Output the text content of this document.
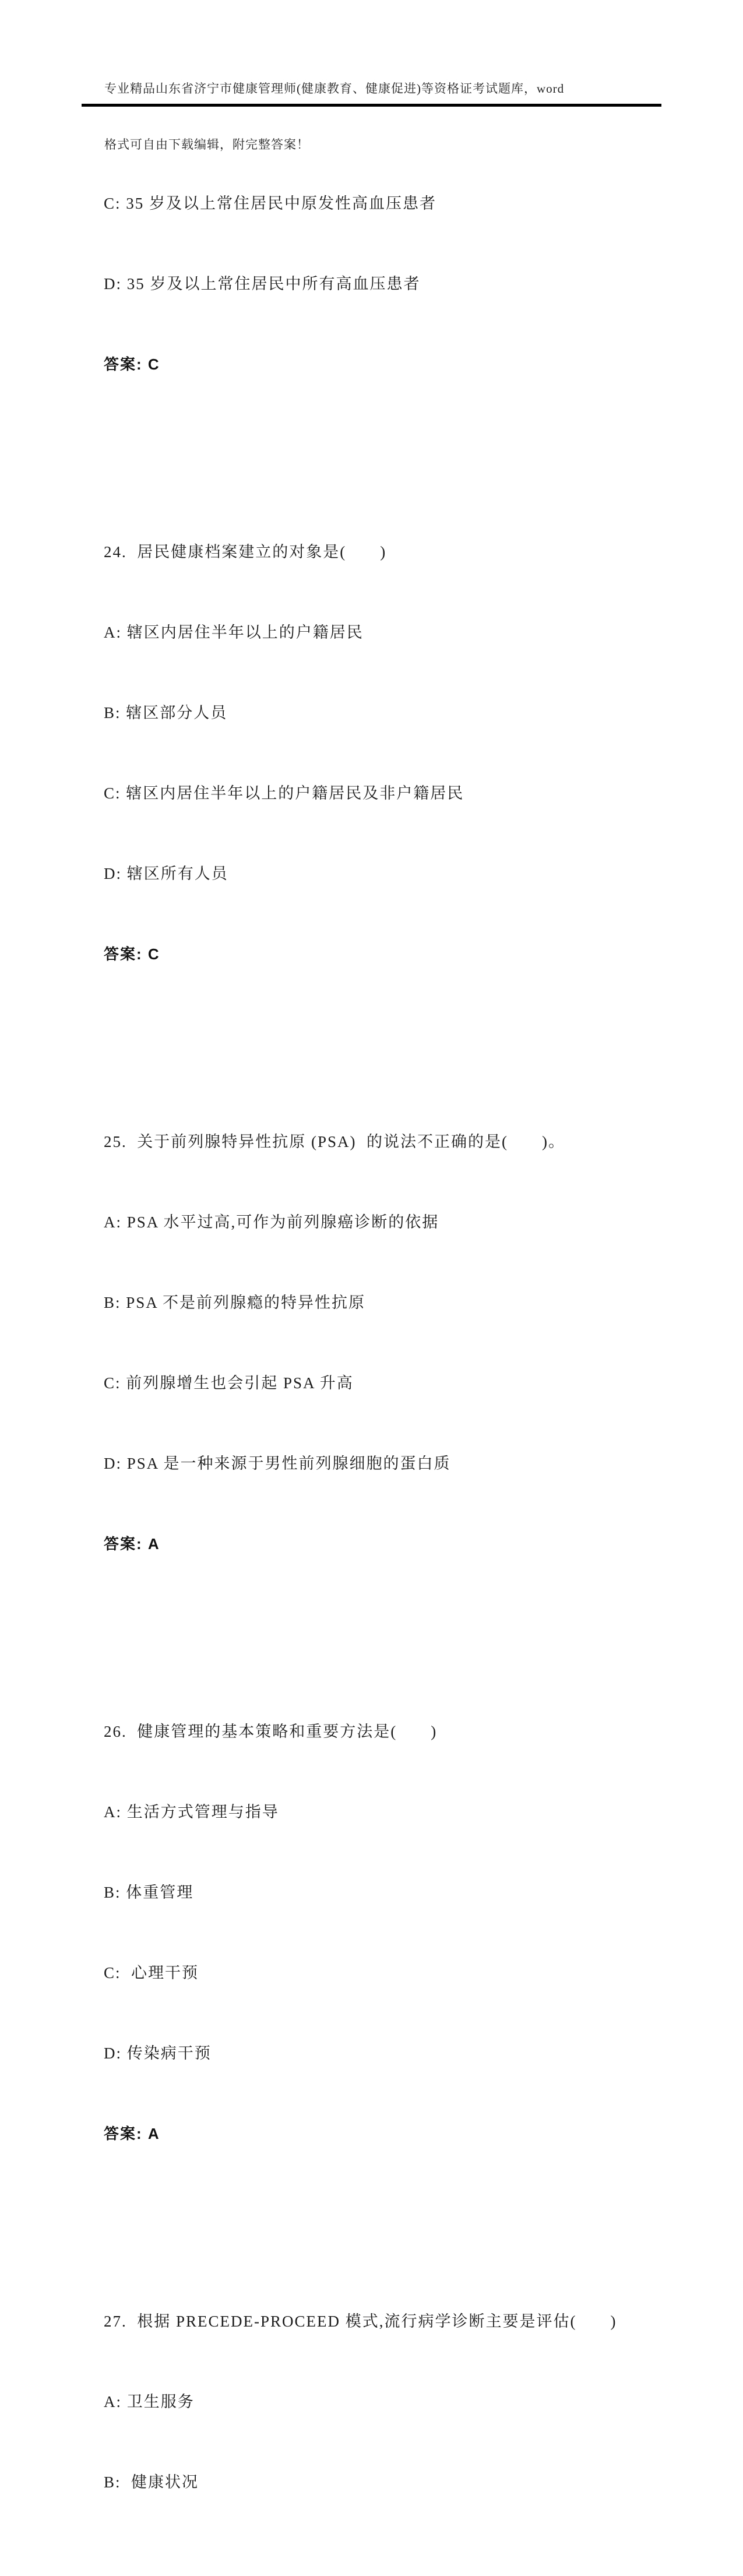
专业精品山东省济宁市健康管理师(健康教育、健康促进)等资格证考试题库，word

格式可自由下载编辑，附完整答案！

C: 35 岁及以上常住居民中原发性高血压患者

D: 35 岁及以上常住居民中所有高血压患者

答案: C

24.  居民健康档案建立的对象是(　　)

A: 辖区内居住半年以上的户籍居民

B: 辖区部分人员

C: 辖区内居住半年以上的户籍居民及非户籍居民

D: 辖区所有人员

答案: C

25.  关于前列腺特异性抗原 (PSA)  的说法不正确的是(　　)。

A: PSA 水平过高,可作为前列腺癌诊断的依据

B: PSA 不是前列腺瘾的特异性抗原

C: 前列腺增生也会引起 PSA 升高

D: PSA 是一种来源于男性前列腺细胞的蛋白质

答案: A

26.  健康管理的基本策略和重要方法是(　　)

A: 生活方式管理与指导

B: 体重管理

C:  心理干预

D: 传染病干预

答案: A

27.  根据 PRECEDE-PROCEED 模式,流行病学诊断主要是评估(　　)

A: 卫生服务

B:  健康状况
